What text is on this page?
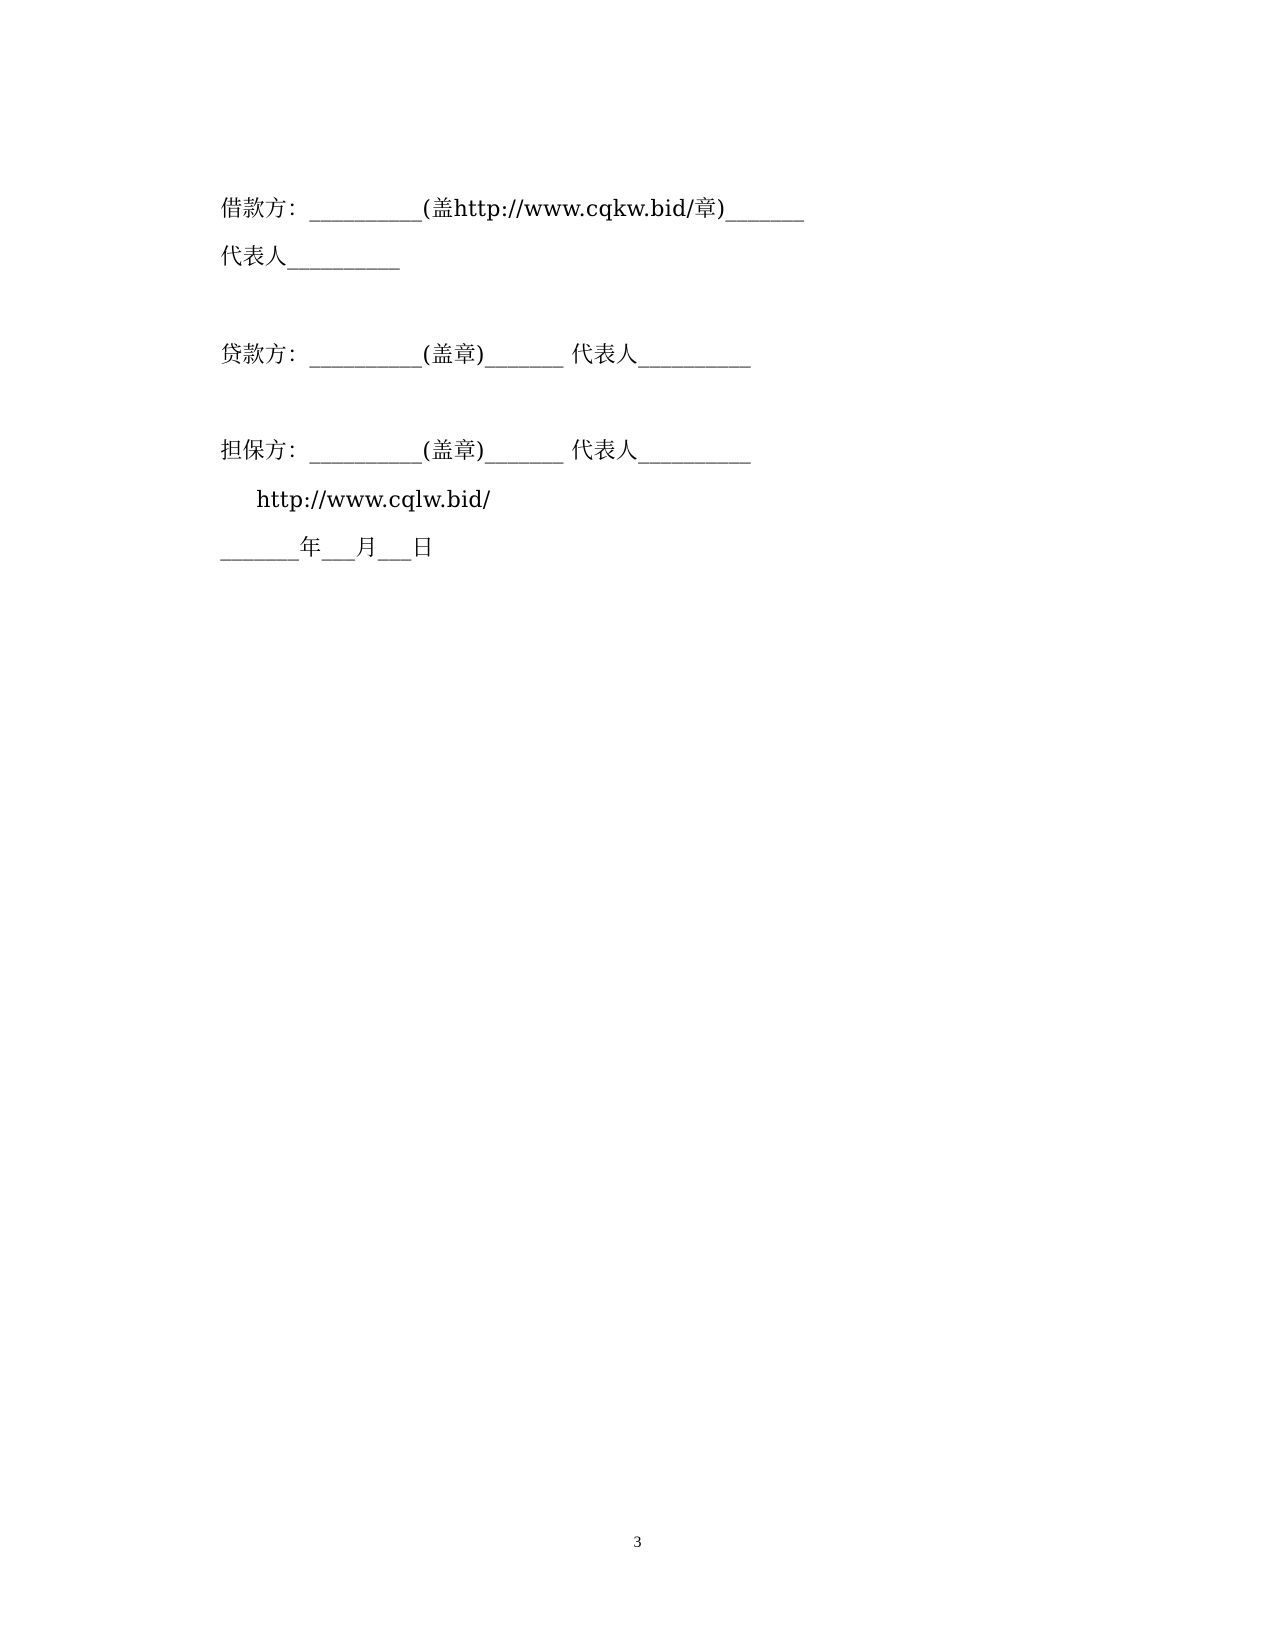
借款方：__________(盖http://www.cqkw.bid/章)_______

代表人__________

贷款方：__________(盖章)_______ 代表人__________

担保方：__________(盖章)_______ 代表人__________

http://www.cqlw.bid/

_______年___月___日

3
